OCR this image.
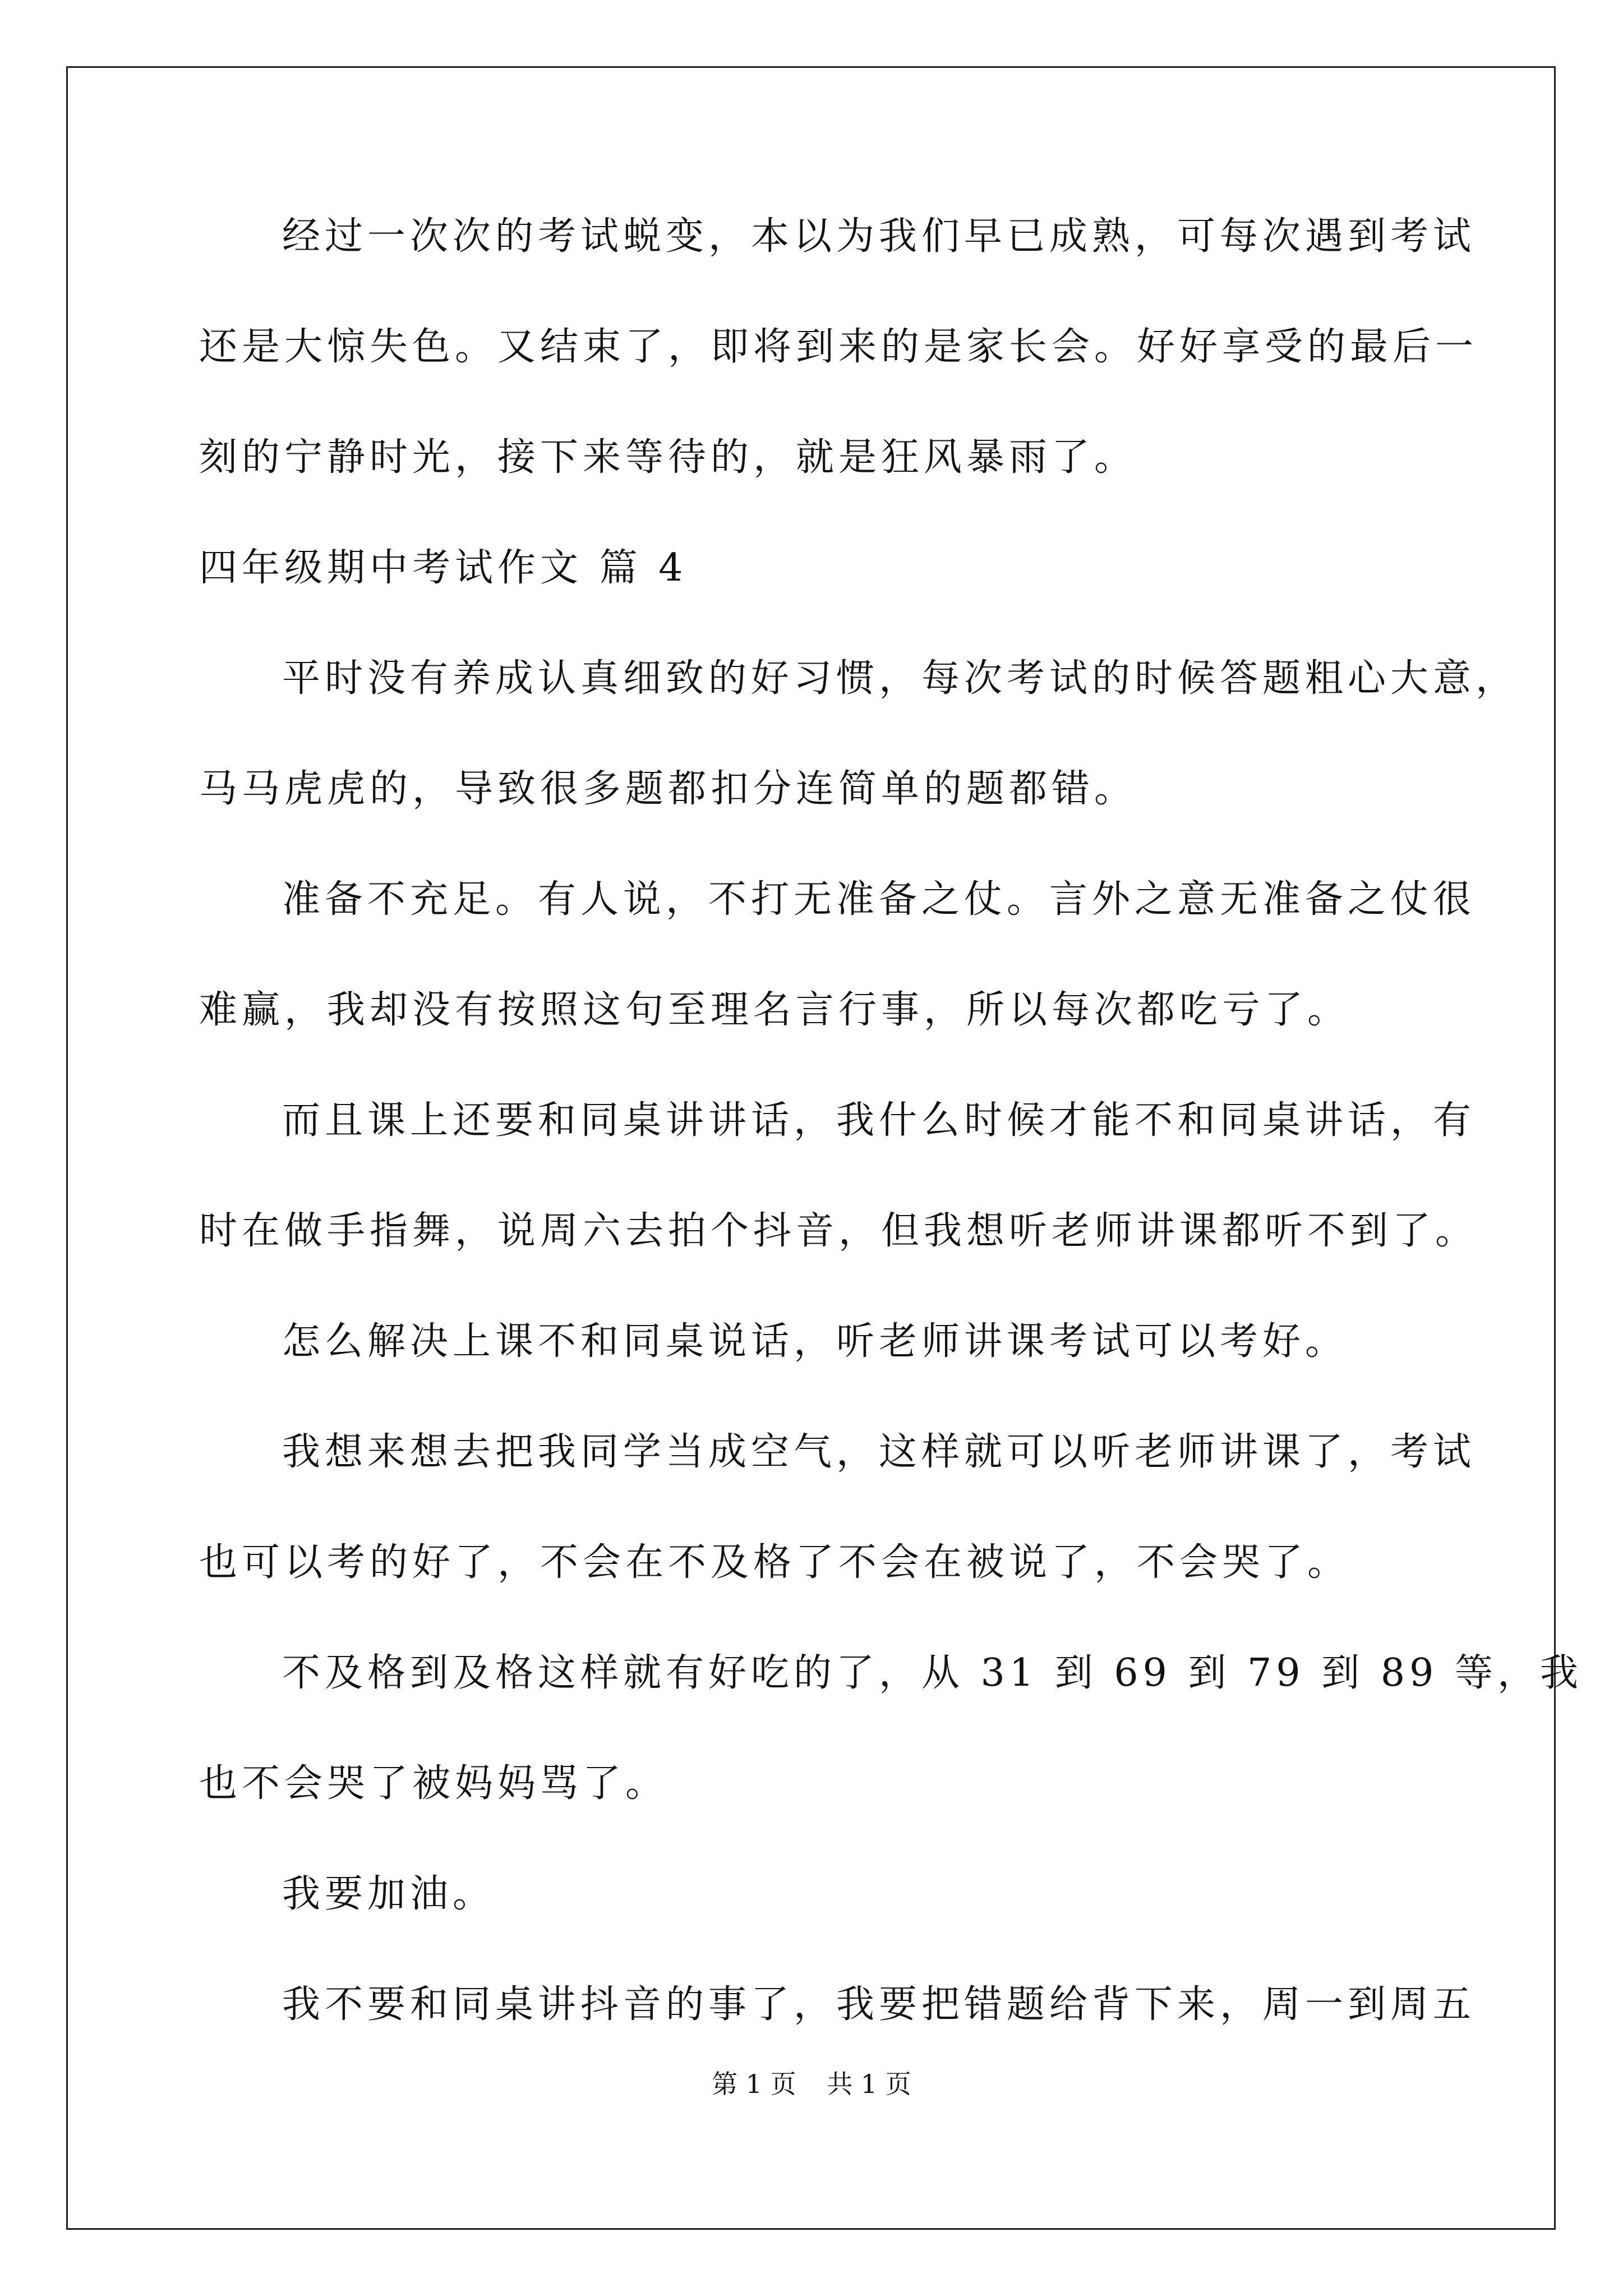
经过一次次的考试蜕变，本以为我们早已成熟，可每次遇到考试
还是大惊失色。又结束了，即将到来的是家长会。好好享受的最后一
刻的宁静时光，接下来等待的，就是狂风暴雨了。
四年级期中考试作文 篇 4
平时没有养成认真细致的好习惯，每次考试的时候答题粗心大意，
马马虎虎的，导致很多题都扣分连简单的题都错。
准备不充足。有人说，不打无准备之仗。言外之意无准备之仗很
难赢，我却没有按照这句至理名言行事，所以每次都吃亏了。
而且课上还要和同桌讲讲话，我什么时候才能不和同桌讲话，有
时在做手指舞，说周六去拍个抖音，但我想听老师讲课都听不到了。
怎么解决上课不和同桌说话，听老师讲课考试可以考好。
我想来想去把我同学当成空气，这样就可以听老师讲课了，考试
也可以考的好了，不会在不及格了不会在被说了，不会哭了。
不及格到及格这样就有好吃的了，从 31 到 69 到 79 到 89 等，我
也不会哭了被妈妈骂了。
我要加油。
我不要和同桌讲抖音的事了，我要把错题给背下来，周一到周五
第 1 页 共 1 页
